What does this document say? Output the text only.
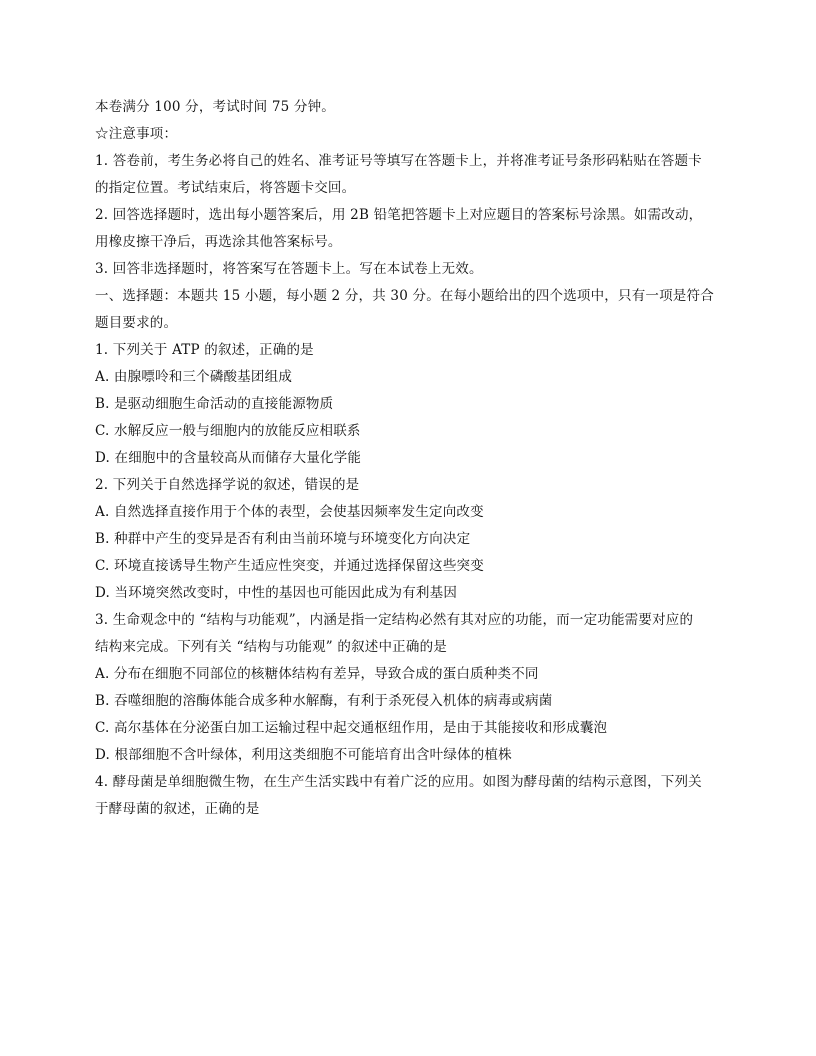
本卷满分 100 分，考试时间 75 分钟。
☆注意事项：
1. 答卷前，考生务必将自己的姓名、准考证号等填写在答题卡上，并将准考证号条形码粘贴在答题卡
的指定位置。考试结束后，将答题卡交回。
2. 回答选择题时，选出每小题答案后，用 2B 铅笔把答题卡上对应题目的答案标号涂黑。如需改动，
用橡皮擦干净后，再选涂其他答案标号。
3. 回答非选择题时，将答案写在答题卡上。写在本试卷上无效。
一、选择题：本题共 15 小题，每小题 2 分，共 30 分。在每小题给出的四个选项中，只有一项是符合
题目要求的。
1. 下列关于 ATP 的叙述，正确的是
A. 由腺嘌呤和三个磷酸基团组成
B. 是驱动细胞生命活动的直接能源物质
C. 水解反应一般与细胞内的放能反应相联系
D. 在细胞中的含量较高从而储存大量化学能
2. 下列关于自然选择学说的叙述，错误的是
A. 自然选择直接作用于个体的表型，会使基因频率发生定向改变
B. 种群中产生的变异是否有利由当前环境与环境变化方向决定
C. 环境直接诱导生物产生适应性突变，并通过选择保留这些突变
D. 当环境突然改变时，中性的基因也可能因此成为有利基因
3. 生命观念中的 “结构与功能观”，内涵是指一定结构必然有其对应的功能，而一定功能需要对应的
结构来完成。下列有关 “结构与功能观” 的叙述中正确的是
A. 分布在细胞不同部位的核糖体结构有差异，导致合成的蛋白质种类不同
B. 吞噬细胞的溶酶体能合成多种水解酶，有利于杀死侵入机体的病毒或病菌
C. 高尔基体在分泌蛋白加工运输过程中起交通枢纽作用，是由于其能接收和形成囊泡
D. 根部细胞不含叶绿体，利用这类细胞不可能培育出含叶绿体的植株
4. 酵母菌是单细胞微生物，在生产生活实践中有着广泛的应用。如图为酵母菌的结构示意图，下列关
于酵母菌的叙述，正确的是
